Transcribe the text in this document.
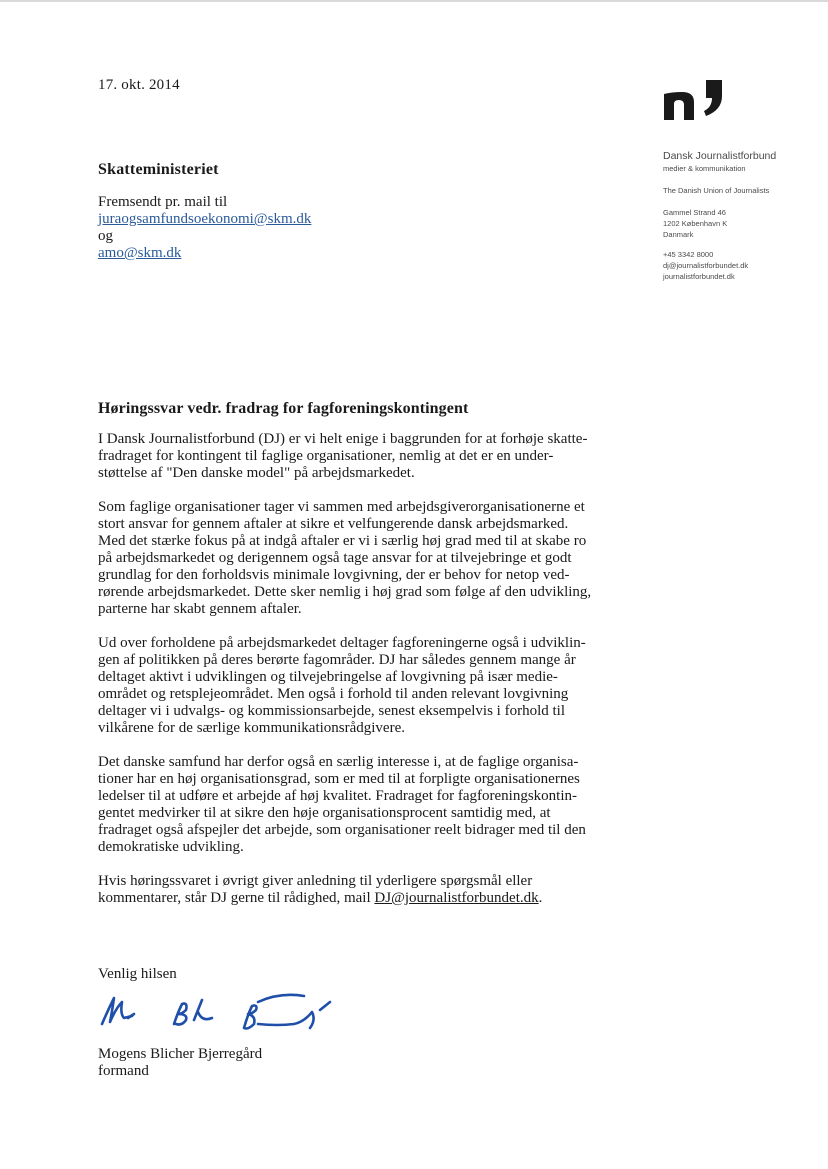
17. okt. 2014
Dansk Journalistforbund
medier & kommunikation
The Danish Union of Journalists
Gammel Strand 46
1202 København K
Danmark
+45 3342 8000
dj@journalistforbundet.dk
journalistforbundet.dk
Skatteministeriet
Fremsendt pr. mail til
juraogsamfundsoekonomi@skm.dk
og
amo@skm.dk
Høringssvar vedr. fradrag for fagforeningskontingent
I Dansk Journalistforbund (DJ) er vi helt enige i baggrunden for at forhøje skatte-
fradraget for kontingent til faglige organisationer, nemlig at det er en under-
støttelse af "Den danske model" på arbejdsmarkedet.
Som faglige organisationer tager vi sammen med arbejdsgiverorganisationerne et
stort ansvar for gennem aftaler at sikre et velfungerende dansk arbejdsmarked.
Med det stærke fokus på at indgå aftaler er vi i særlig høj grad med til at skabe ro
på arbejdsmarkedet og derigennem også tage ansvar for at tilvejebringe et godt
grundlag for den forholdsvis minimale lovgivning, der er behov for netop ved-
rørende arbejdsmarkedet. Dette sker nemlig i høj grad som følge af den udvikling,
parterne har skabt gennem aftaler.
Ud over forholdene på arbejdsmarkedet deltager fagforeningerne også i udviklin-
gen af politikken på deres berørte fagområder. DJ har således gennem mange år
deltaget aktivt i udviklingen og tilvejebringelse af lovgivning på især medie-
området og retsplejeområdet. Men også i forhold til anden relevant lovgivning
deltager vi i udvalgs- og kommissionsarbejde, senest eksempelvis i forhold til
vilkårene for de særlige kommunikationsrådgivere.
Det danske samfund har derfor også en særlig interesse i, at de faglige organisa-
tioner har en høj organisationsgrad, som er med til at forpligte organisationernes
ledelser til at udføre et arbejde af høj kvalitet. Fradraget for fagforeningskontin-
gentet medvirker til at sikre den høje organisationsprocent samtidig med, at
fradraget også afspejler det arbejde, som organisationer reelt bidrager med til den
demokratiske udvikling.
Hvis høringssvaret i øvrigt giver anledning til yderligere spørgsmål eller
kommentarer, står DJ gerne til rådighed, mail DJ@journalistforbundet.dk.
Venlig hilsen
Mogens Blicher Bjerregård
formand
